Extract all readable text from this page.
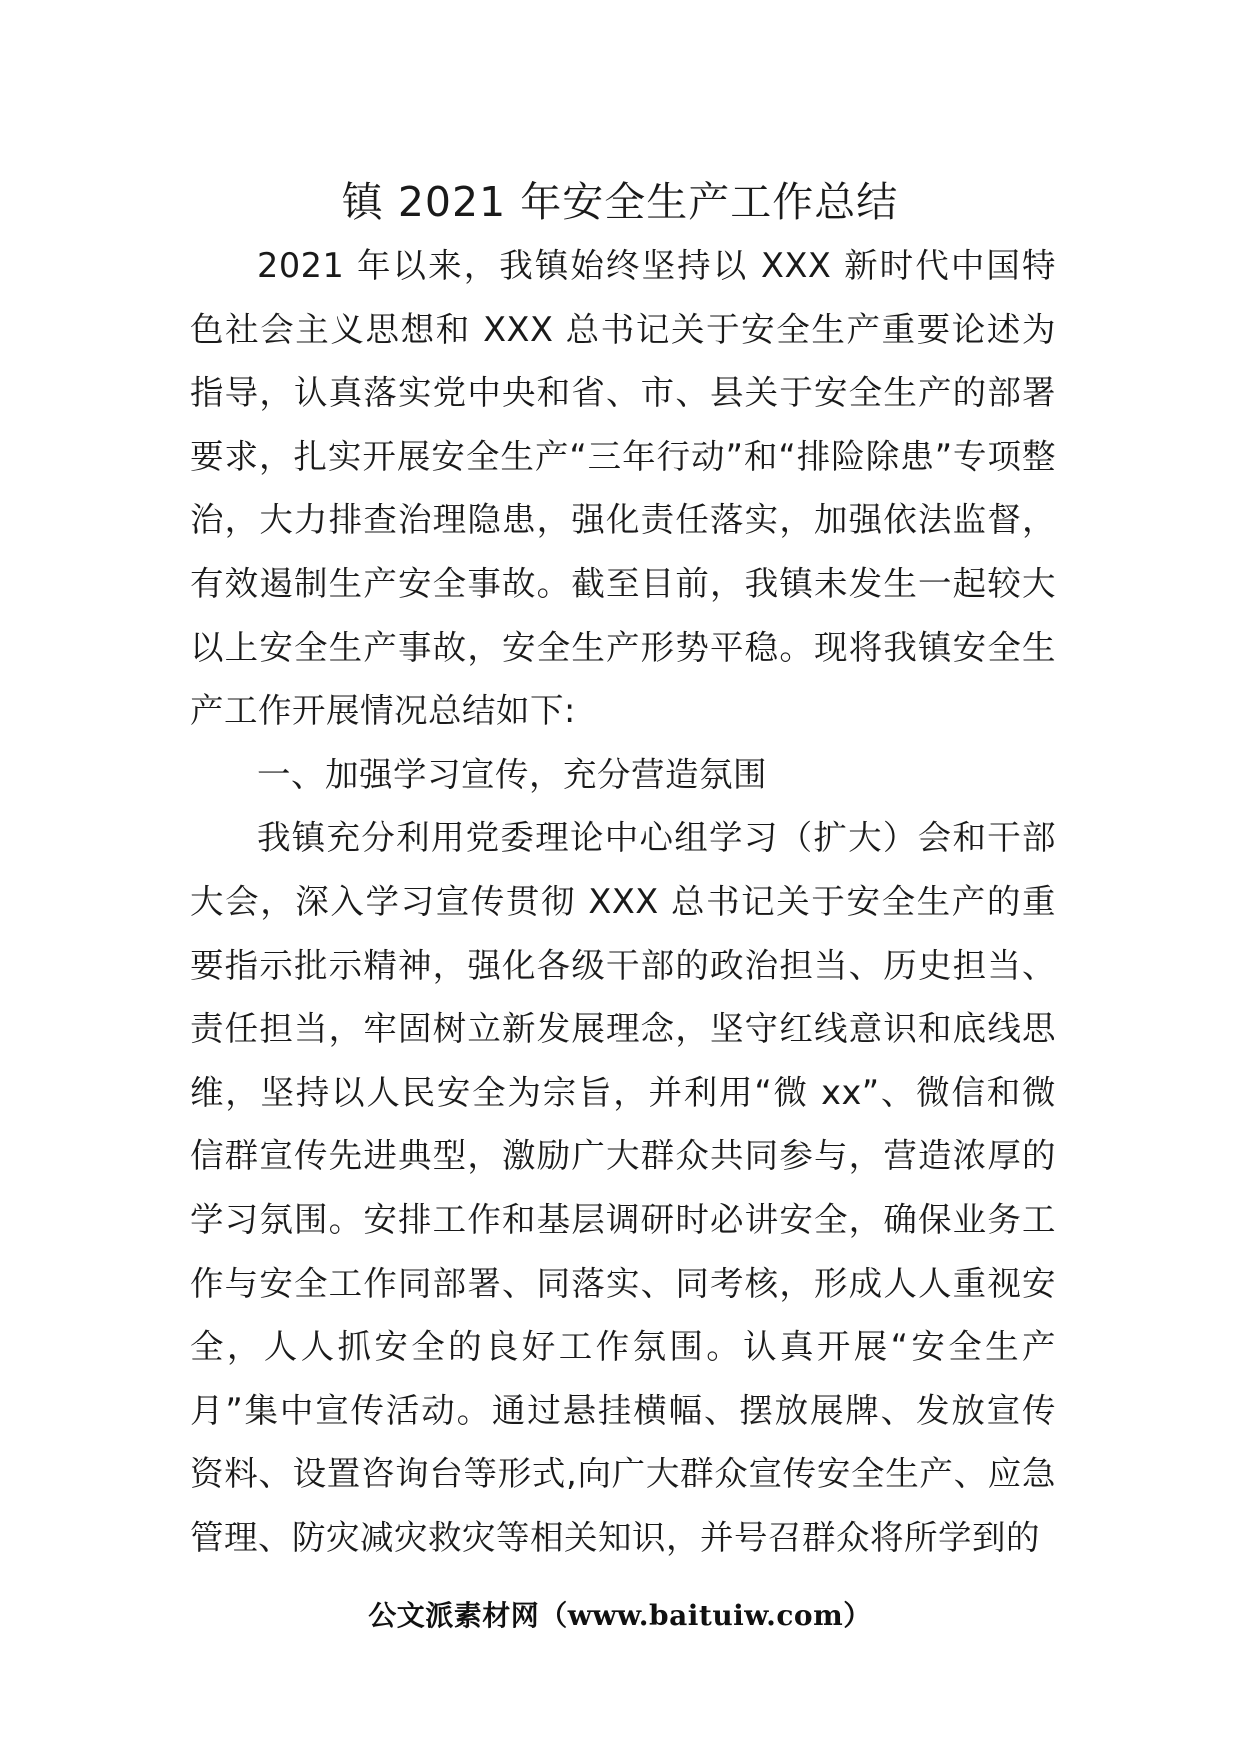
镇 2021 年安全生产工作总结

2021 年以来，我镇始终坚持以 XXX 新时代中国特色社会主义思想和 XXX 总书记关于安全生产重要论述为指导，认真落实党中央和省、市、县关于安全生产的部署要求，扎实开展安全生产“三年行动”和“排险除患”专项整治，大力排查治理隐患，强化责任落实，加强依法监督，有效遏制生产安全事故。截至目前，我镇未发生一起较大以上安全生产事故，安全生产形势平稳。现将我镇安全生产工作开展情况总结如下:

一、加强学习宣传，充分营造氛围

我镇充分利用党委理论中心组学习（扩大）会和干部大会，深入学习宣传贯彻 XXX 总书记关于安全生产的重要指示批示精神，强化各级干部的政治担当、历史担当、责任担当，牢固树立新发展理念，坚守红线意识和底线思维，坚持以人民安全为宗旨，并利用“微 xx”、微信和微信群宣传先进典型，激励广大群众共同参与，营造浓厚的学习氛围。安排工作和基层调研时必讲安全，确保业务工作与安全工作同部署、同落实、同考核，形成人人重视安全，人人抓安全的良好工作氛围。认真开展“安全生产月”集中宣传活动。通过悬挂横幅、摆放展牌、发放宣传资料、设置咨询台等形式,向广大群众宣传安全生产、应急管理、防灾减灾救灾等相关知识，并号召群众将所学到的

公文派素材网（www.baituiw.com）
